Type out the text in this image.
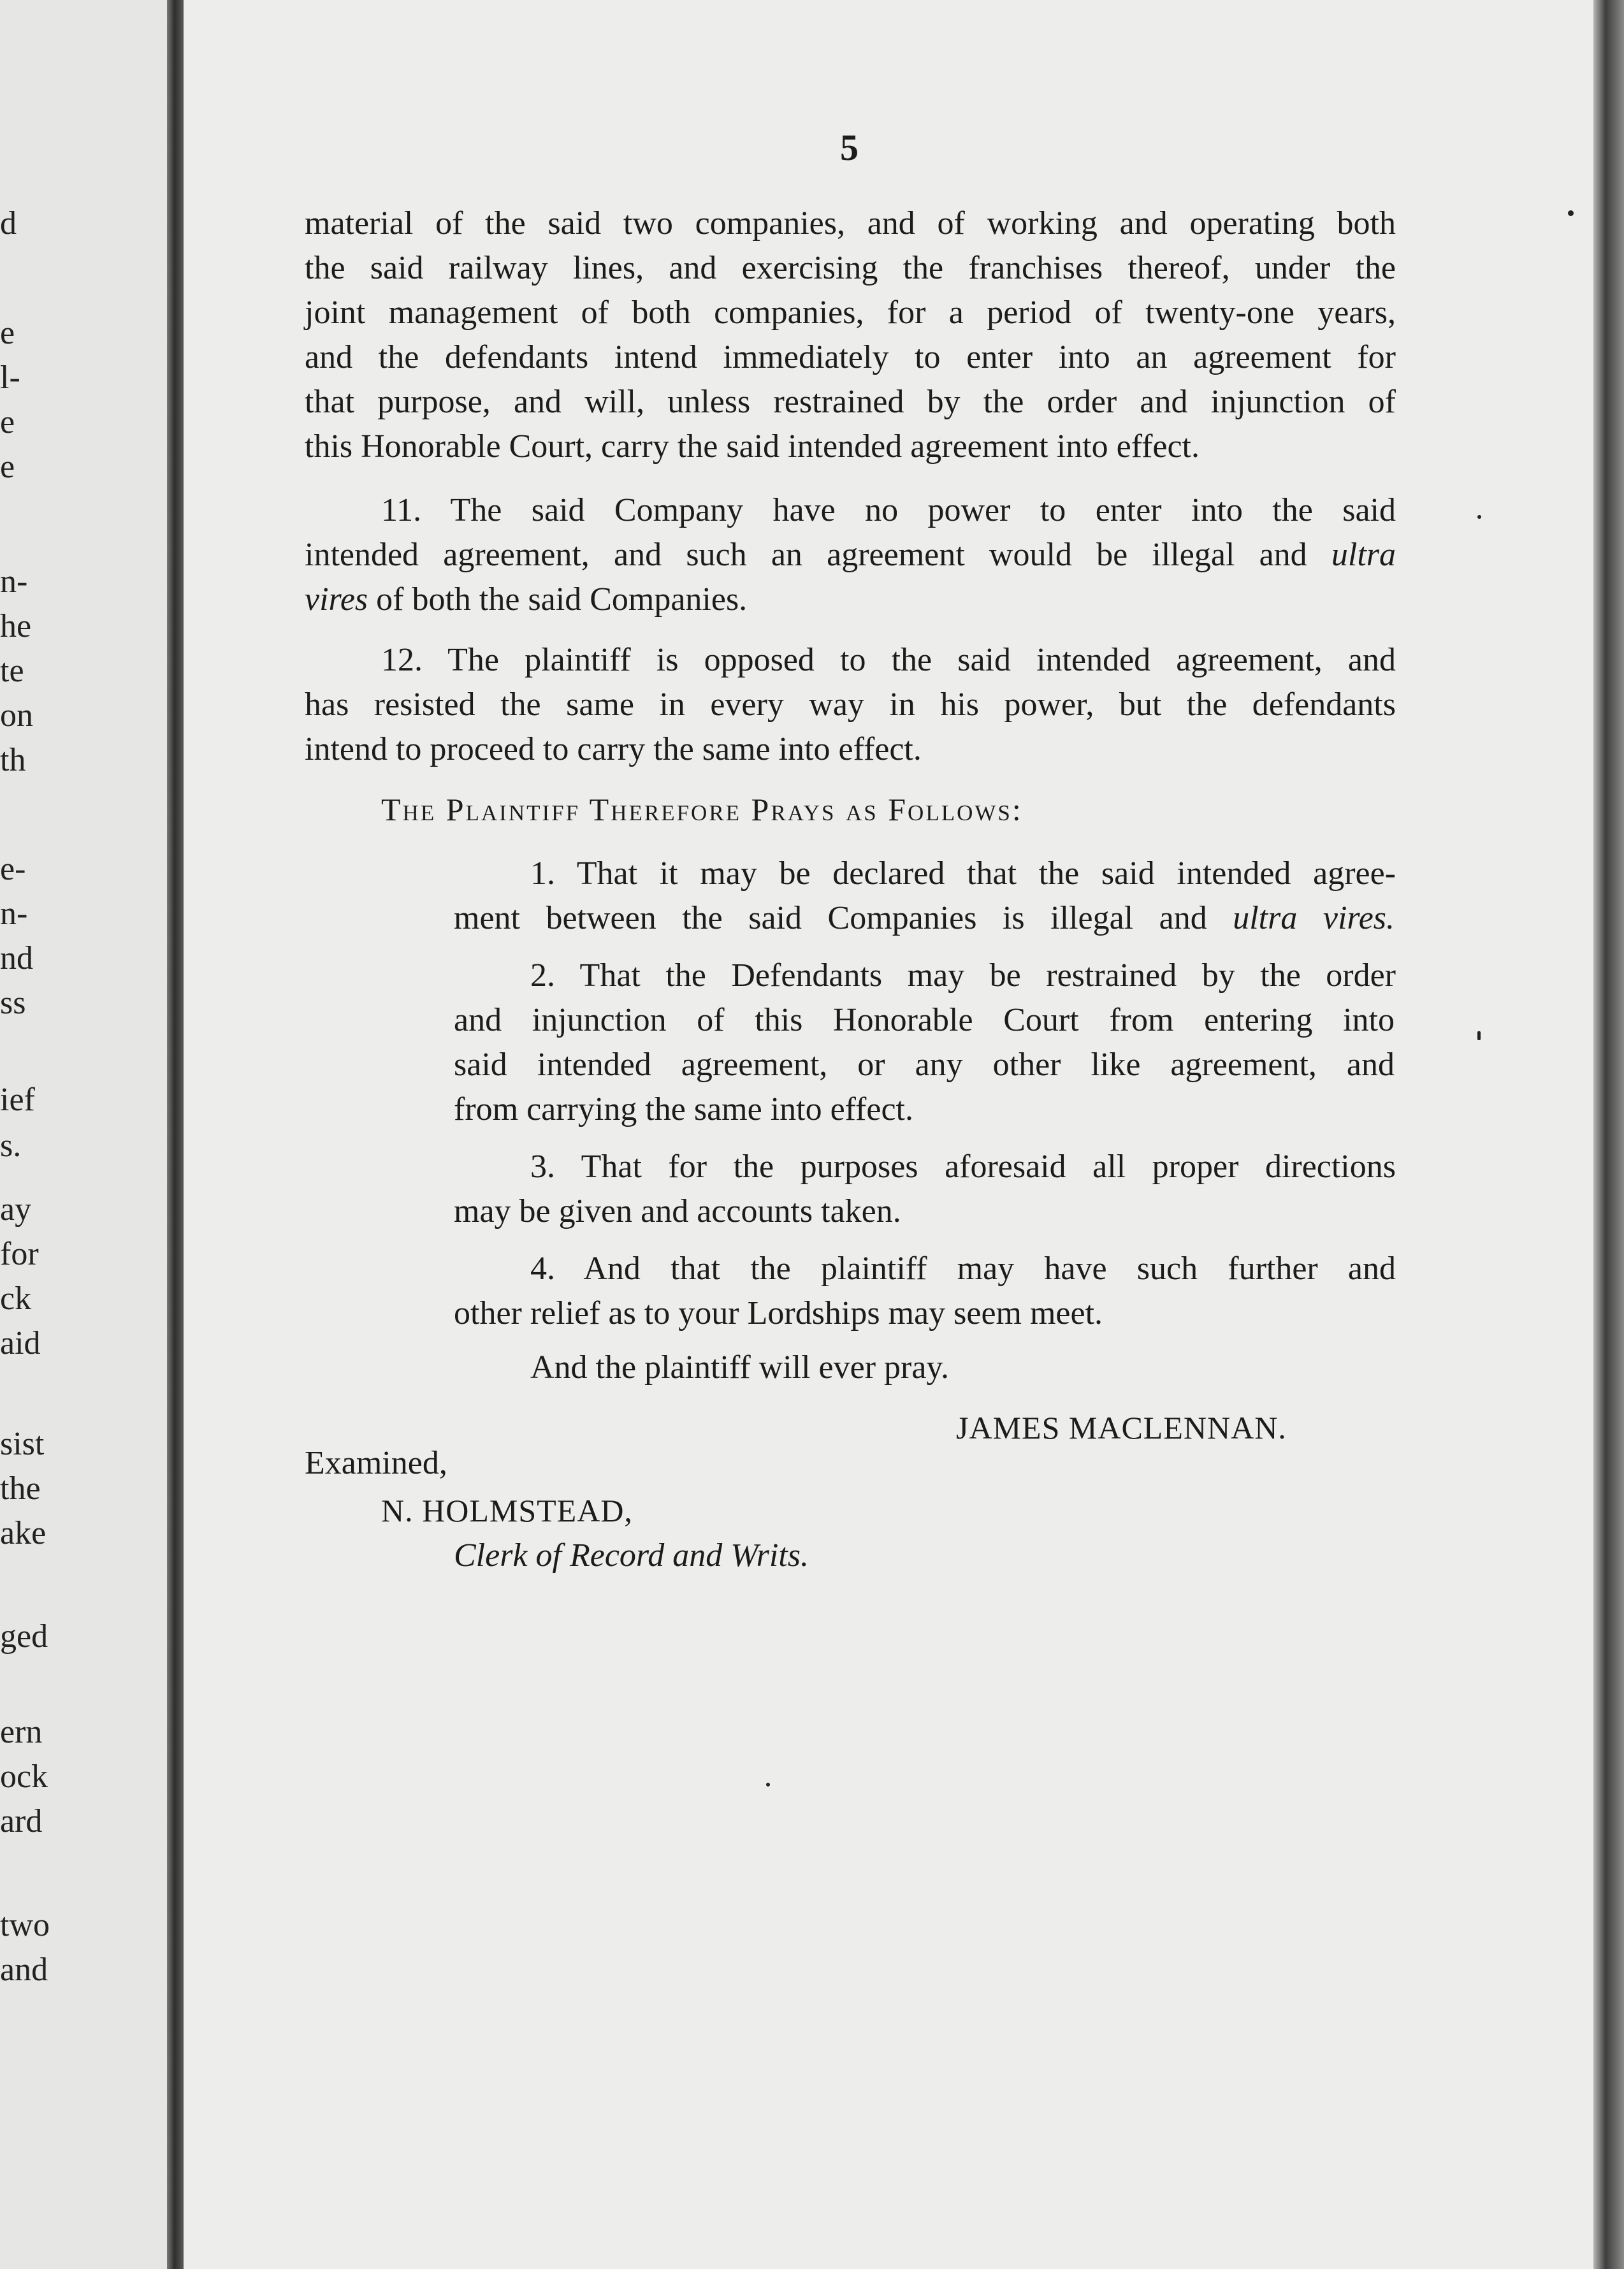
d
e
l-
e
e
n-
he
te
on
th
e-
n-
nd
ss
ief
s.
ay
for
ck
aid
sist
the
ake
ged
ern
ock
ard
two
and
5
material of the said two companies, and of working and operating both
the said railway lines, and exercising the franchises thereof, under the
joint management of both companies, for a period of twenty-one years,
and the defendants intend immediately to enter into an agreement for
that purpose, and will, unless restrained by the order and injunction of
this Honorable Court, carry the said intended agreement into effect.
11. The said Company have no power to enter into the said
intended agreement, and such an agreement would be illegal and ultra
vires of both the said Companies.
12. The plaintiff is opposed to the said intended agreement, and
has resisted the same in every way in his power, but the defendants
intend to proceed to carry the same into effect.
The Plaintiff Therefore Prays as Follows:
1. That it may be declared that the said intended agree-
ment between the said Companies is illegal and ultra vires.
2. That the Defendants may be restrained by the order
and injunction of this Honorable Court from entering into
said intended agreement, or any other like agreement, and
from carrying the same into effect.
3. That for the purposes aforesaid all proper directions
may be given and accounts taken.
4. And that the plaintiff may have such further and
other relief as to your Lordships may seem meet.
And the plaintiff will ever pray.
JAMES MACLENNAN.
Examined,
N. HOLMSTEAD,
Clerk of Record and Writs.
